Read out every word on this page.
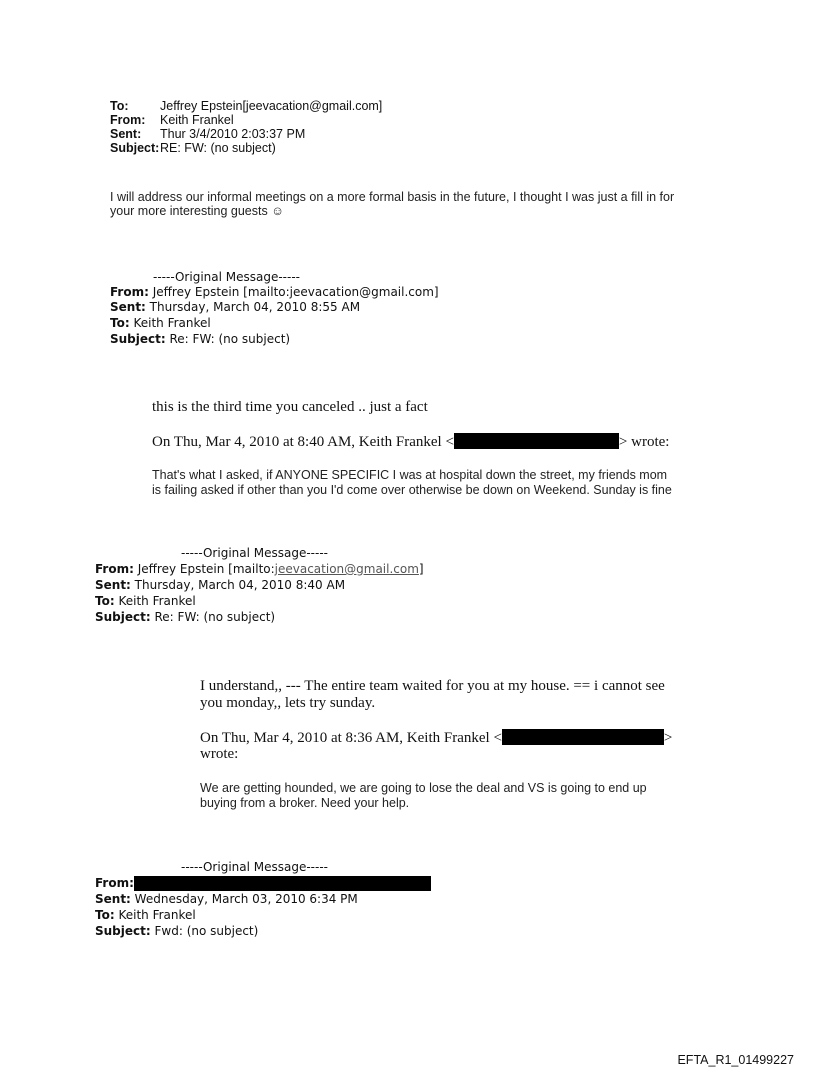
To:	Jeffrey Epstein[jeevacation@gmail.com]
From: Keith Frankel
Sent: Thur 3/4/2010 2:03:37 PM
Subject:RE: FW: (no subject)
I will address our informal meetings on a more formal basis in the future, I thought I was just a fill in for
your more interesting guests ☺
-----Original Message-----
From: Jeffrey Epstein [mailto:jeevacation@gmail.com]
Sent: Thursday, March 04, 2010 8:55 AM
To: Keith Frankel
Subject: Re: FW: (no subject)
this is the third time you canceled .. just a fact
On Thu, Mar 4, 2010 at 8:40 AM, Keith Frankel <	> wrote:
That's what I asked, if ANYONE SPECIFIC I was at hospital down the street, my friends mom
is failing asked if other than you I'd come over otherwise be down on Weekend. Sunday is fine
-----Original Message-----
From: Jeffrey Epstein [mailto:jeevacation@gmail.com]
Sent: Thursday, March 04, 2010 8:40 AM
To: Keith Frankel
Subject: Re: FW: (no subject)
I understand,, --- The entire team waited for you at my house. == i cannot see
you monday,, lets try sunday.
On Thu, Mar 4, 2010 at 8:36 AM, Keith Frankel <	>
wrote:
We are getting hounded, we are going to lose the deal and VS is going to end up
buying from a broker. Need your help.
-----Original Message-----
From:
Sent: Wednesday, March 03, 2010 6:34 PM
To: Keith Frankel
Subject: Fwd: (no subject)
EFTA_R1_01499227
